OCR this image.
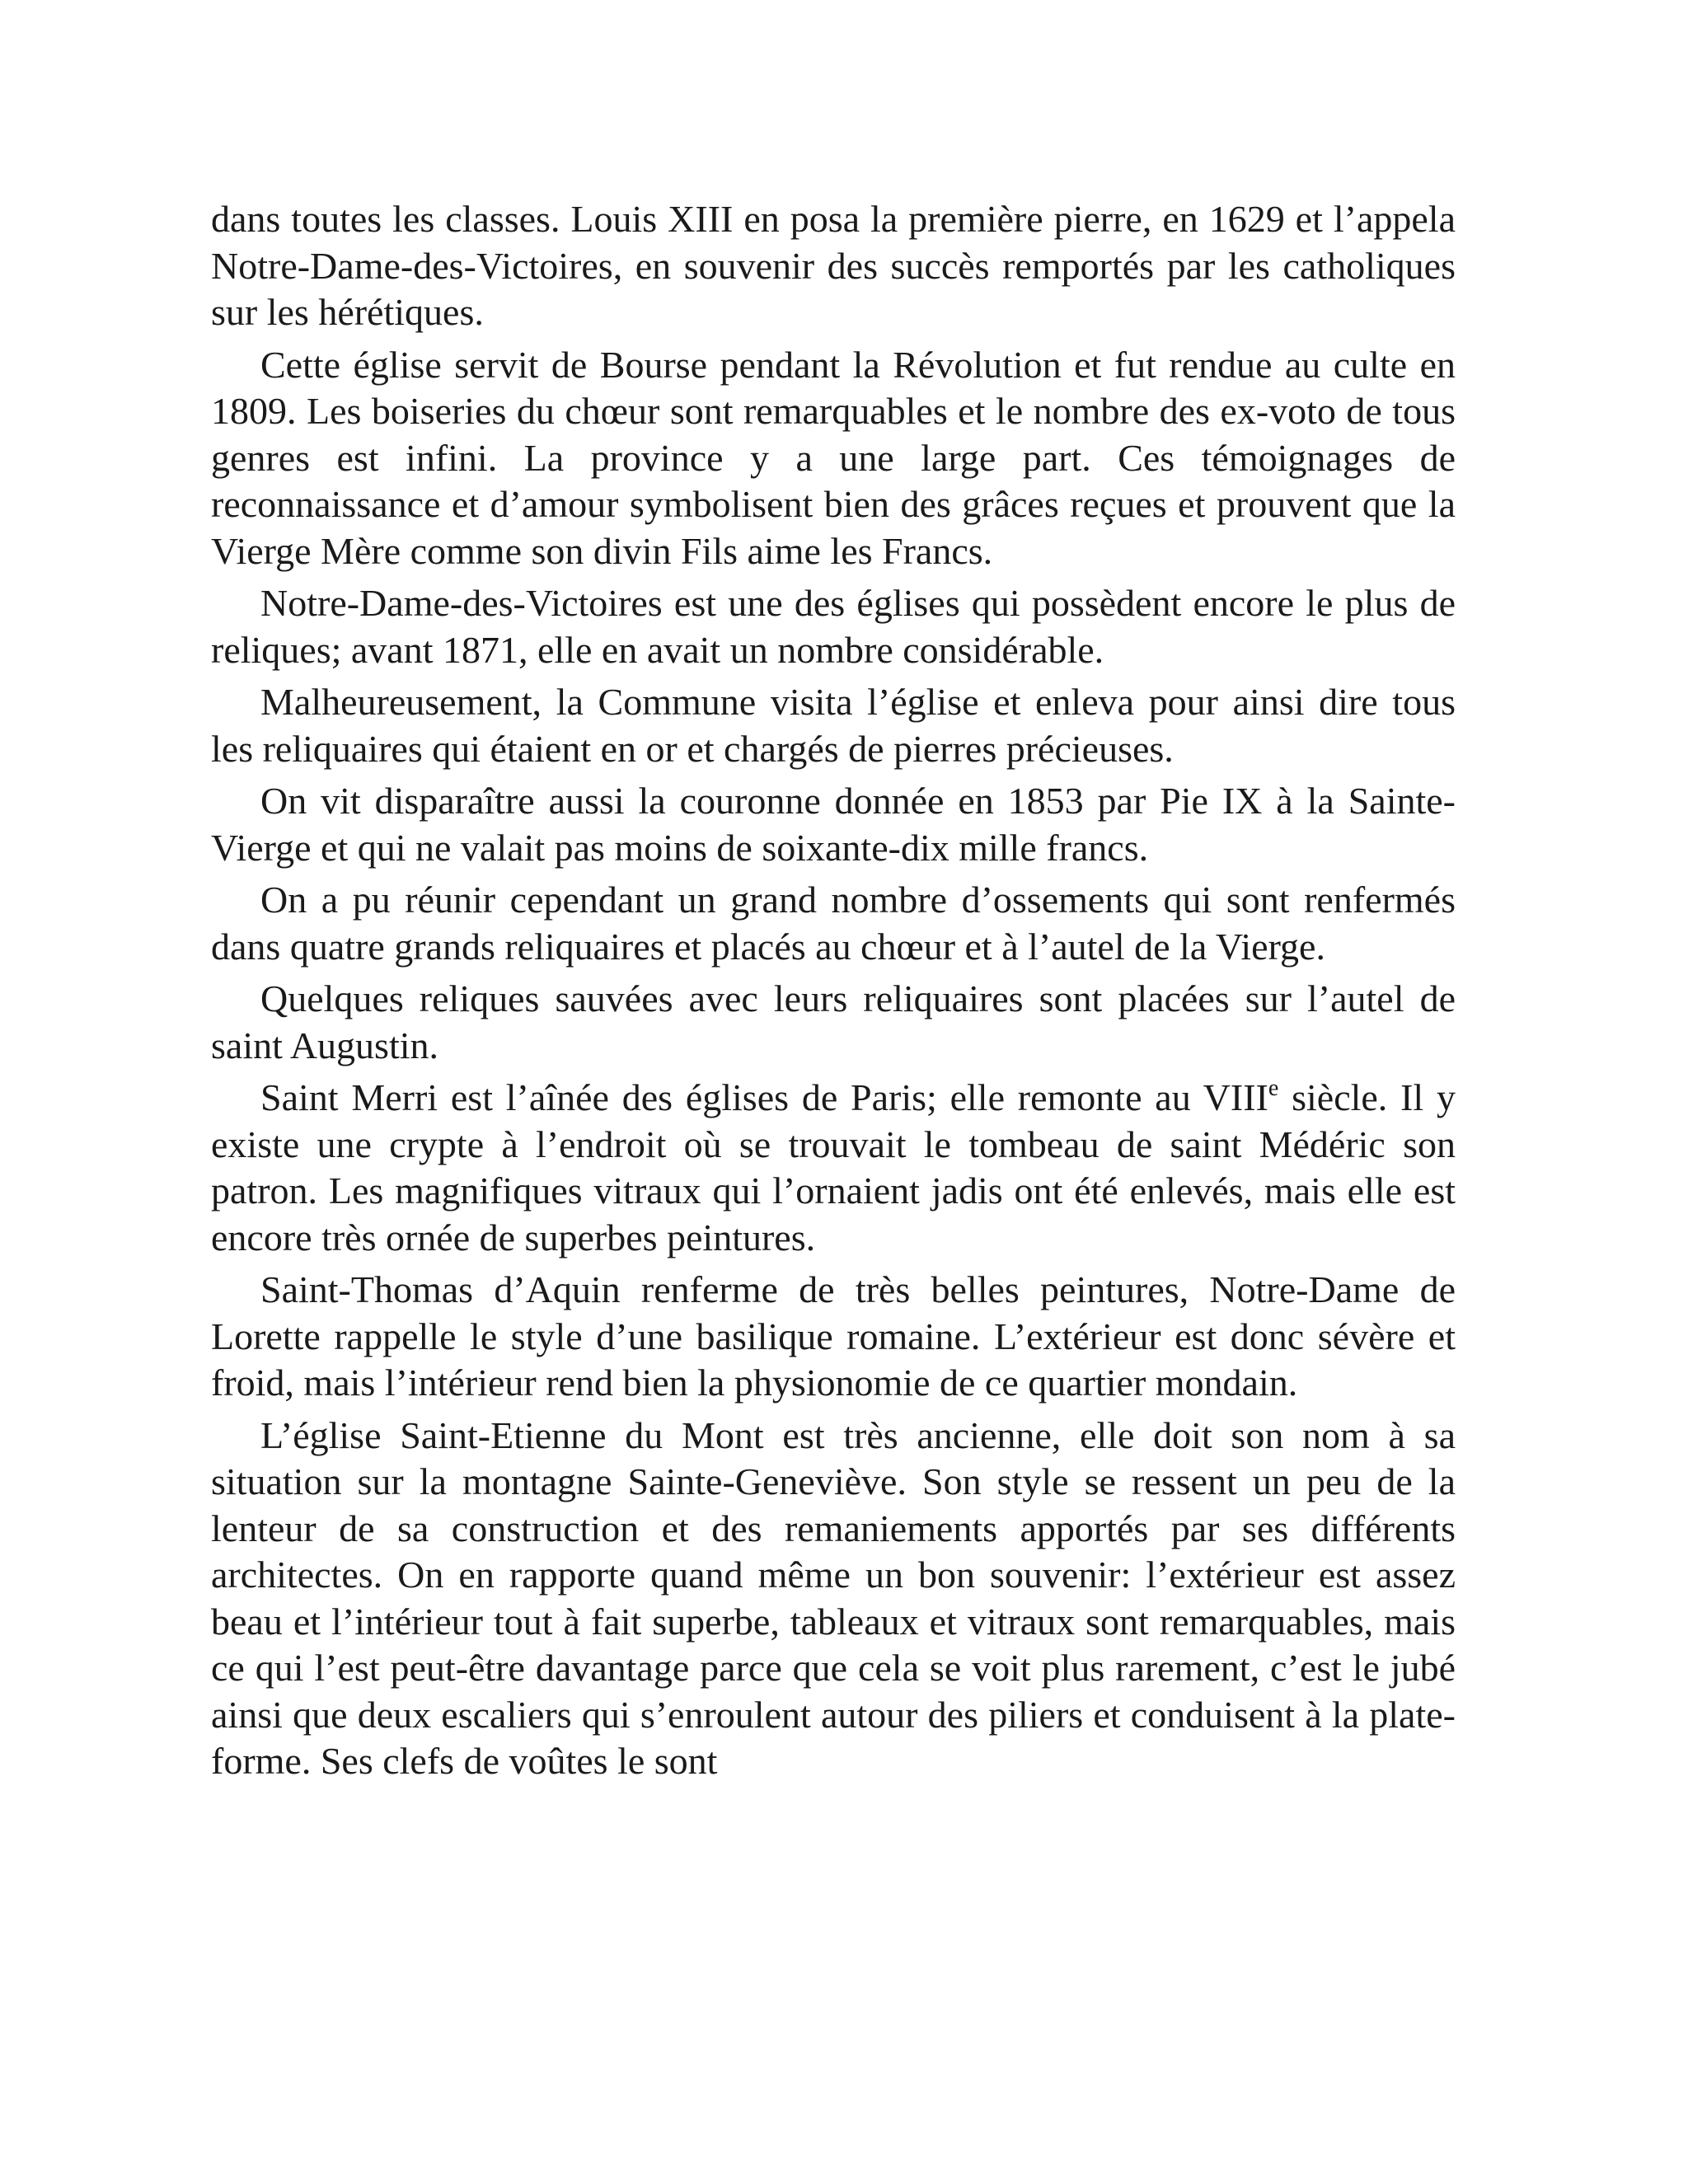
dans toutes les classes. Louis XIII en posa la première pierre, en 1629 et l’appela Notre-Dame-des-Victoires, en souvenir des succès remportés par les catholiques sur les hérétiques.

Cette église servit de Bourse pendant la Révolution et fut rendue au culte en 1809. Les boiseries du chœur sont remarquables et le nombre des ex-voto de tous genres est infini. La province y a une large part. Ces témoignages de reconnaissance et d’amour symbolisent bien des grâces reçues et prouvent que la Vierge Mère comme son divin Fils aime les Francs.

Notre-Dame-des-Victoires est une des églises qui possèdent encore le plus de reliques; avant 1871, elle en avait un nombre considérable.

Malheureusement, la Commune visita l’église et enleva pour ainsi dire tous les reliquaires qui étaient en or et chargés de pierres précieuses.

On vit disparaître aussi la couronne donnée en 1853 par Pie IX à la Sainte-Vierge et qui ne valait pas moins de soixante-dix mille francs.

On a pu réunir cependant un grand nombre d’ossements qui sont renfermés dans quatre grands reliquaires et placés au chœur et à l’autel de la Vierge.

Quelques reliques sauvées avec leurs reliquaires sont placées sur l’autel de saint Augustin.

Saint Merri est l’aînée des églises de Paris; elle remonte au VIIIe siècle. Il y existe une crypte à l’endroit où se trouvait le tombeau de saint Médéric son patron. Les magnifiques vitraux qui l’ornaient jadis ont été enlevés, mais elle est encore très ornée de superbes peintures.

Saint-Thomas d’Aquin renferme de très belles peintures, Notre-Dame de Lorette rappelle le style d’une basilique romaine. L’extérieur est donc sévère et froid, mais l’intérieur rend bien la physionomie de ce quartier mondain.

L’église Saint-Etienne du Mont est très ancienne, elle doit son nom à sa situation sur la montagne Sainte-Geneviève. Son style se ressent un peu de la lenteur de sa construction et des remaniements apportés par ses différents architectes. On en rapporte quand même un bon souvenir: l’extérieur est assez beau et l’intérieur tout à fait superbe, tableaux et vitraux sont remarquables, mais ce qui l’est peut-être davantage parce que cela se voit plus rarement, c’est le jubé ainsi que deux escaliers qui s’enroulent autour des piliers et conduisent à la plate-forme. Ses clefs de voûtes le sont
